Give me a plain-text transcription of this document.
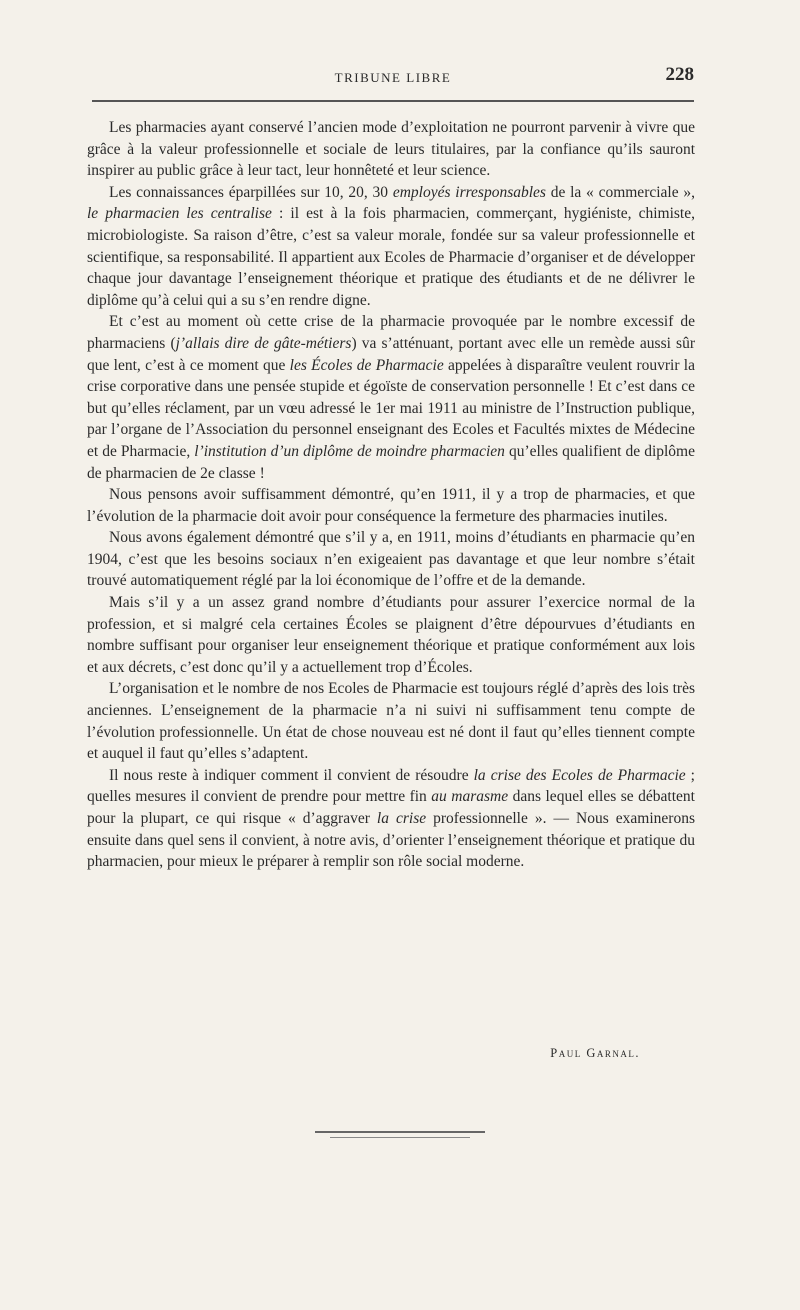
TRIBUNE LIBRE	228

Les pharmacies ayant conservé l’ancien mode d’exploitation ne pourront parvenir à vivre que grâce à la valeur professionnelle et sociale de leurs titulaires, par la confiance qu’ils sauront inspirer au public grâce à leur tact, leur honnêteté et leur science.

Les connaissances éparpillées sur 10, 20, 30 employés irresponsables de la « commerciale », le pharmacien les centralise : il est à la fois pharmacien, commerçant, hygiéniste, chimiste, microbiologiste. Sa raison d’être, c’est sa valeur morale, fondée sur sa valeur professionnelle et scientifique, sa responsabilité. Il appartient aux Ecoles de Pharmacie d’organiser et de développer chaque jour davantage l’enseignement théorique et pratique des étudiants et de ne délivrer le diplôme qu’à celui qui a su s’en rendre digne.

Et c’est au moment où cette crise de la pharmacie provoquée par le nombre excessif de pharmaciens (j’allais dire de gâte-métiers) va s’atténuant, portant avec elle un remède aussi sûr que lent, c’est à ce moment que les Écoles de Pharmacie appelées à disparaître veulent rouvrir la crise corporative dans une pensée stupide et égoïste de conservation personnelle ! Et c’est dans ce but qu’elles réclament, par un vœu adressé le 1er mai 1911 au ministre de l’Instruction publique, par l’organe de l’Association du personnel enseignant des Ecoles et Facultés mixtes de Médecine et de Pharmacie, l’institution d’un diplôme de moindre pharmacien qu’elles qualifient de diplôme de pharmacien de 2e classe !

Nous pensons avoir suffisamment démontré, qu’en 1911, il y a trop de pharmacies, et que l’évolution de la pharmacie doit avoir pour conséquence la fermeture des pharmacies inutiles.

Nous avons également démontré que s’il y a, en 1911, moins d’étudiants en pharmacie qu’en 1904, c’est que les besoins sociaux n’en exigeaient pas davantage et que leur nombre s’était trouvé automatiquement réglé par la loi économique de l’offre et de la demande.

Mais s’il y a un assez grand nombre d’étudiants pour assurer l’exercice normal de la profession, et si malgré cela certaines Écoles se plaignent d’être dépourvues d’étudiants en nombre suffisant pour organiser leur enseignement théorique et pratique conformément aux lois et aux décrets, c’est donc qu’il y a actuellement trop d’Écoles.

L’organisation et le nombre de nos Ecoles de Pharmacie est toujours réglé d’après des lois très anciennes. L’enseignement de la pharmacie n’a ni suivi ni suffisamment tenu compte de l’évolution professionnelle. Un état de chose nouveau est né dont il faut qu’elles tiennent compte et auquel il faut qu’elles s’adaptent.

Il nous reste à indiquer comment il convient de résoudre la crise des Ecoles de Pharmacie ; quelles mesures il convient de prendre pour mettre fin au marasme dans lequel elles se débattent pour la plupart, ce qui risque « d’aggraver la crise professionnelle ». — Nous examinerons ensuite dans quel sens il convient, à notre avis, d’orienter l’enseignement théorique et pratique du pharmacien, pour mieux le préparer à remplir son rôle social moderne.

Paul Garnal.
